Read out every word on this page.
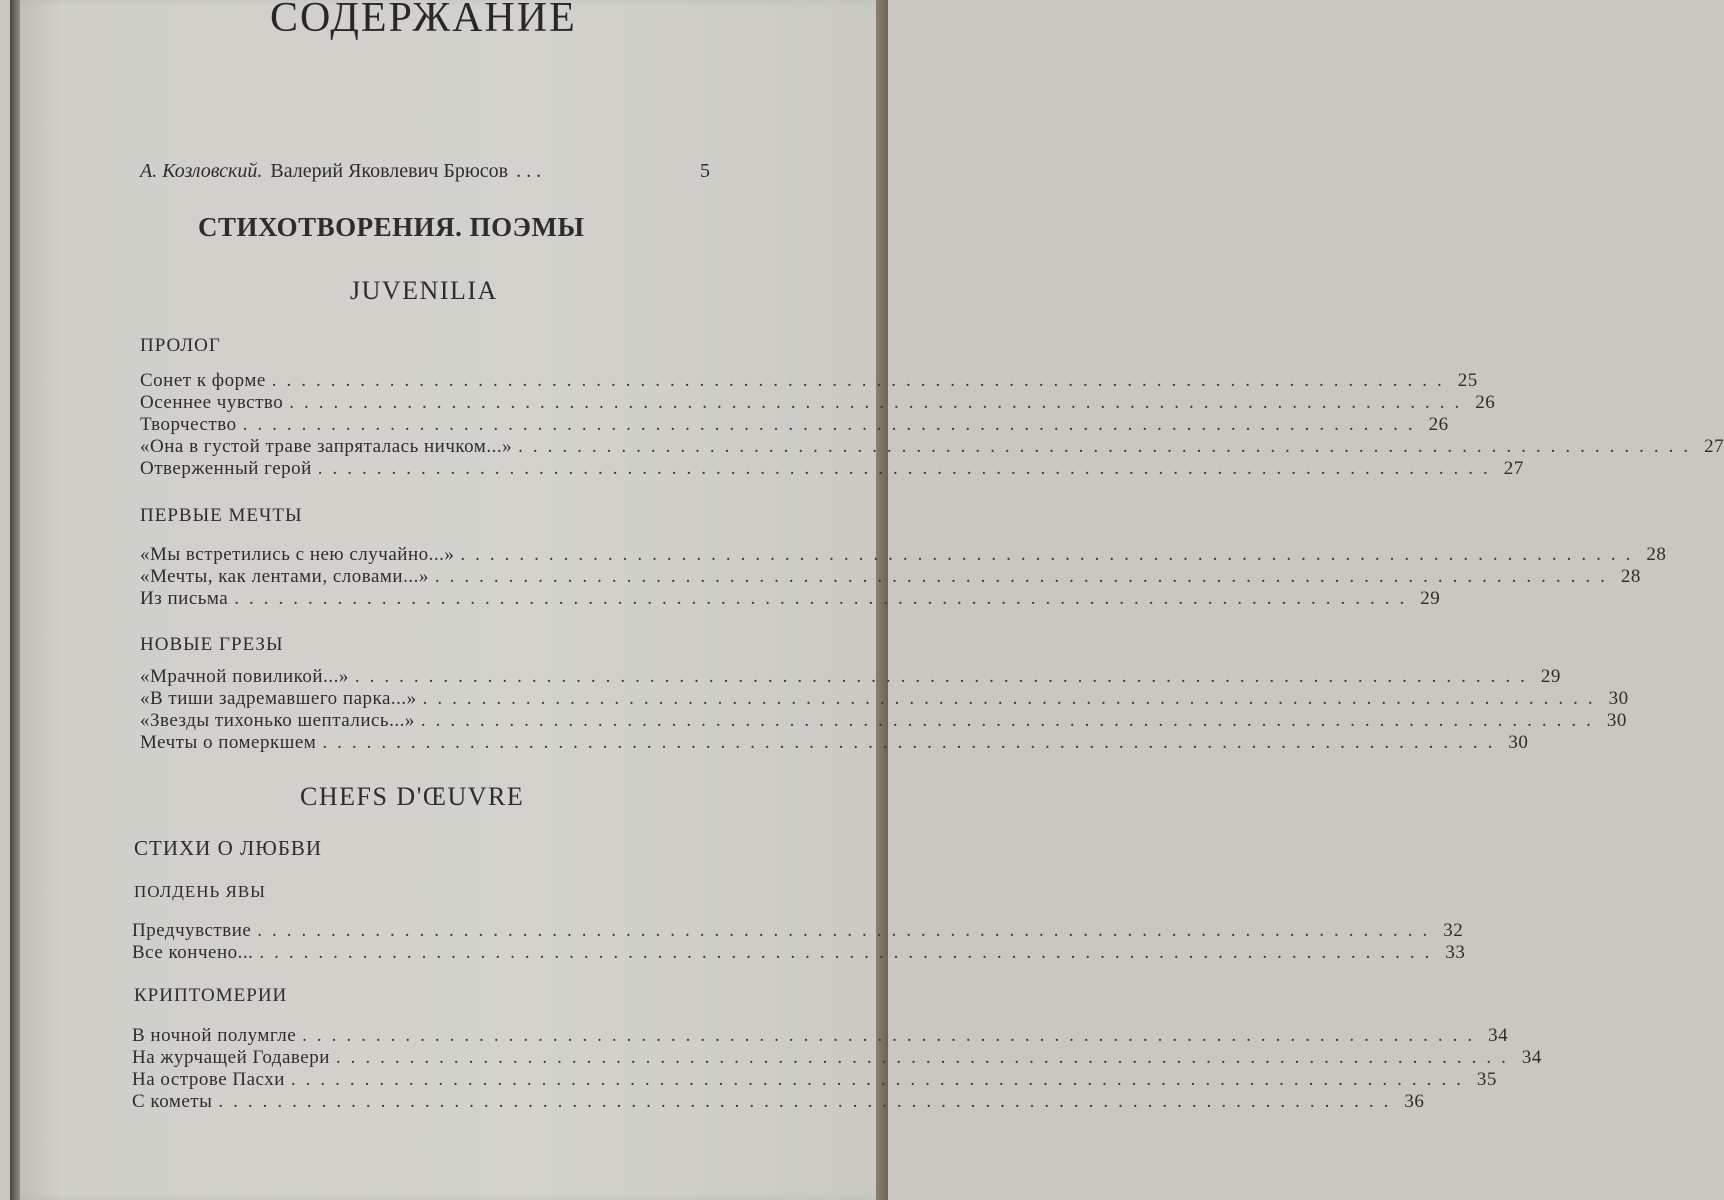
СОДЕРЖАНИЕ
А. Козловский. Валерий Яковлевич Брюсов . . .	5
СТИХОТВОРЕНИЯ. ПОЭМЫ
JUVENILIA
ПРОЛОГ
Сонет к форме ................................................................................ 25
Осеннее чувство ................................................................................ 26
Творчество ................................................................................ 26
«Она в густой траве запряталась ничком...» ................................................................................ 27
Отверженный герой ................................................................................ 27
ПЕРВЫЕ МЕЧТЫ
«Мы встретились с нею случайно...» ................................................................................ 28
«Мечты, как лентами, словами...» ................................................................................ 28
Из письма ................................................................................ 29
НОВЫЕ ГРЕЗЫ
«Мрачной повиликой...» ................................................................................ 29
«В тиши задремавшего парка...» ................................................................................ 30
«Звезды тихонько шептались...» ................................................................................ 30
Мечты о померкшем ................................................................................ 30
CHEFS D'ŒUVRE
СТИХИ О ЛЮБВИ
ПОЛДЕНЬ ЯВЫ
Предчувствие ................................................................................ 32
Все кончено... ................................................................................ 33
КРИПТОМЕРИИ
В ночной полумгле ................................................................................ 34
На журчащей Годавери ................................................................................ 34
На острове Пасхи ................................................................................ 35
С кометы ................................................................................ 36
